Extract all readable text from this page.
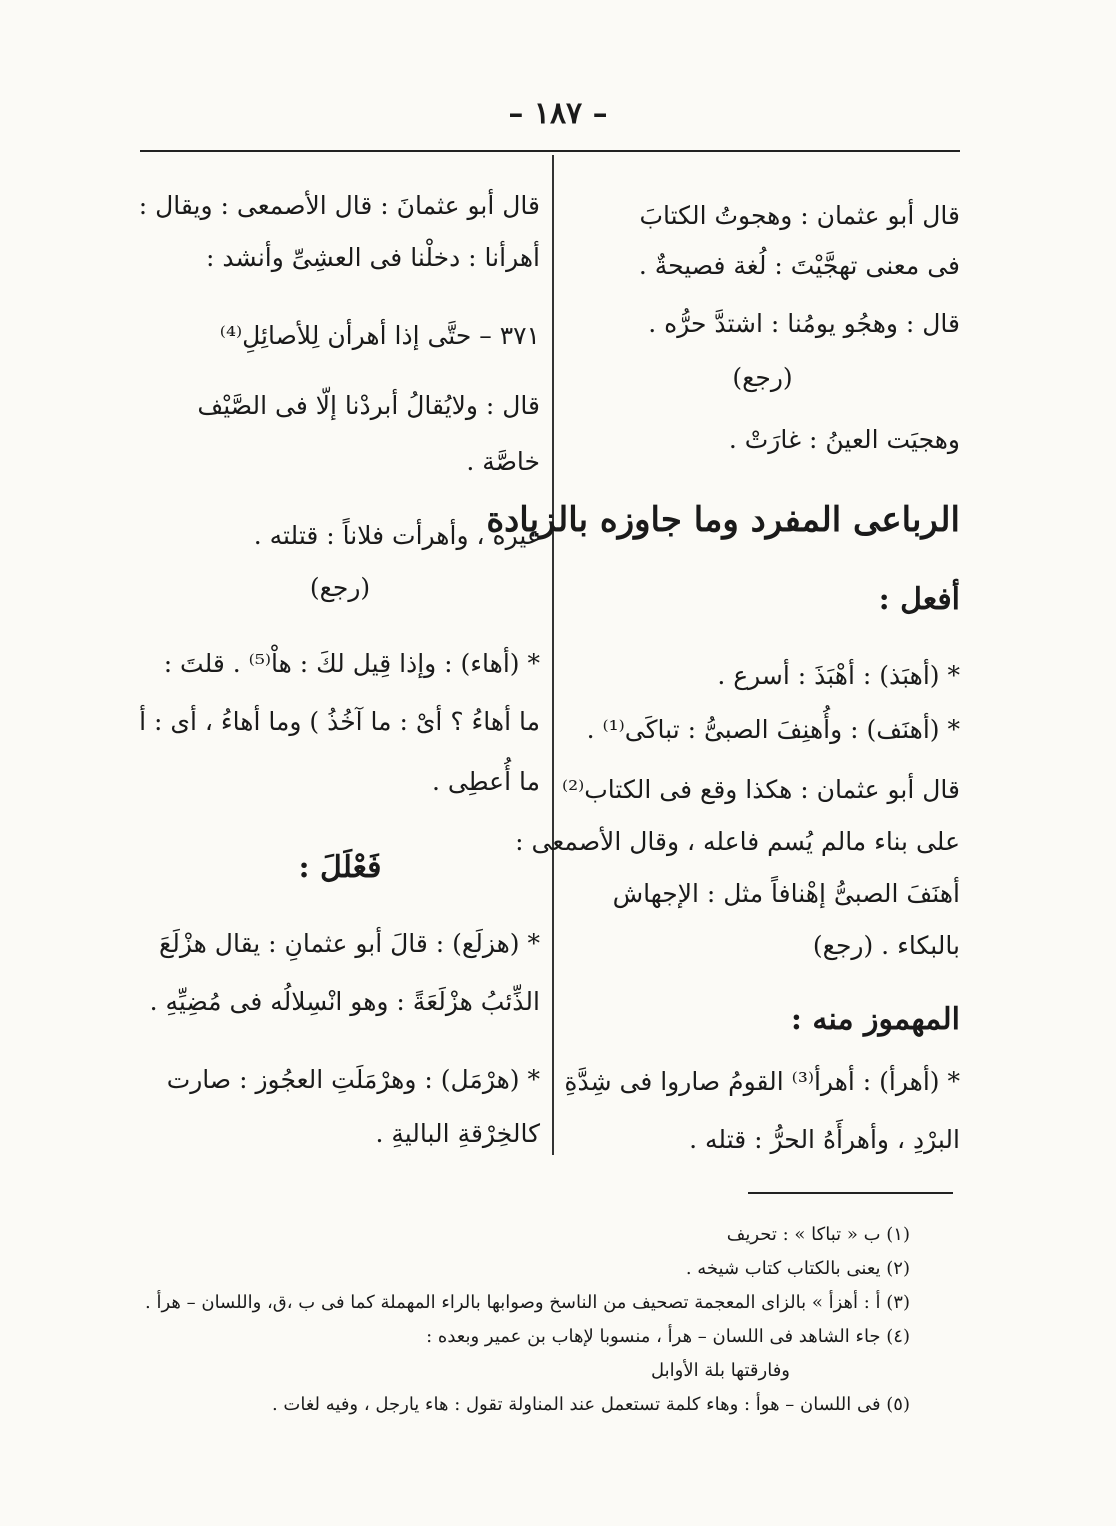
– ١٨٧ –
قال أبو عثمان : وهجوتُ الكتابَ
فى معنى تهجَّيْتَ : لُغة فصيحةٌ .
قال : وهجُو يومُنا : اشتدَّ حرُّه .
(رجع)
وهجيَت العينُ : غارَتْ .
الرباعى المفرد وما جاوزه بالزيادة
أفعل :
* (أهبَذ) : أهْبَذَ : أسرع .
* (أهنَف) : وأُهنِفَ الصبىُّ : تباكَى⁽¹⁾ .
قال أبو عثمان : هكذا وقع فى الكتاب⁽²⁾
على بناء مالم يُسم فاعله ، وقال الأصمعى :
أهنَفَ الصبىُّ إهْنافاً مثل : الإجهاش
بالبكاء . (رجع)
المهموز منه :
* (أهرأ) : أهرأ⁽³⁾ القومُ صاروا فى شِدَّةِ
البرْدِ ، وأهرأَهُ الحرُّ : قتله .
قال أبو عثمانَ : قال الأصمعى : ويقال :
أهرأنا : دخلْنا فى العشِىِّ وأنشد :
٣٧١ – حتَّى إذا أهرأن لِلأصائِلِ⁽⁴⁾
قال : ولايُقالُ أبردْنا إلّا فى الصَّيْف
خاصَّة .
غيره ، وأهرأت فلاناً : قتلته .
(رجع)
* (أهاء) : وإذا قِيل لكَ : هاْ⁽⁵⁾ . قلتَ :
ما أهاءُ ؟ أىْ : ما آخُذُ ) وما أهاءُ ، أى : أ
ما أُعطِى .
فَعْلَلَ :
* (هزلَع) : قالَ أبو عثمانِ : يقال هزْلَعَ
الذِّئبُ هزْلَعَةً : وهو انْسِلالُه فى مُضِيِّهِ .
* (هرْمَل) : وهرْمَلَتِ العجُوز : صارت
كالخِرْقةِ الباليةِ .
(١) ب « تباكا » : تحريف
(٢) يعنى بالكتاب كتاب شيخه .
(٣) أ : أهزأ » بالزاى المعجمة تصحيف من الناسخ وصوابها بالراء المهملة كما فى ب ،ق، واللسان – هرأ .
(٤) جاء الشاهد فى اللسان – هرأ ، منسوبا لإهاب بن عمير وبعده :
وفارقتها بلة الأوابل
(٥) فى اللسان – هوأ : وهاء كلمة تستعمل عند المناولة تقول : هاء يارجل ، وفيه لغات .
